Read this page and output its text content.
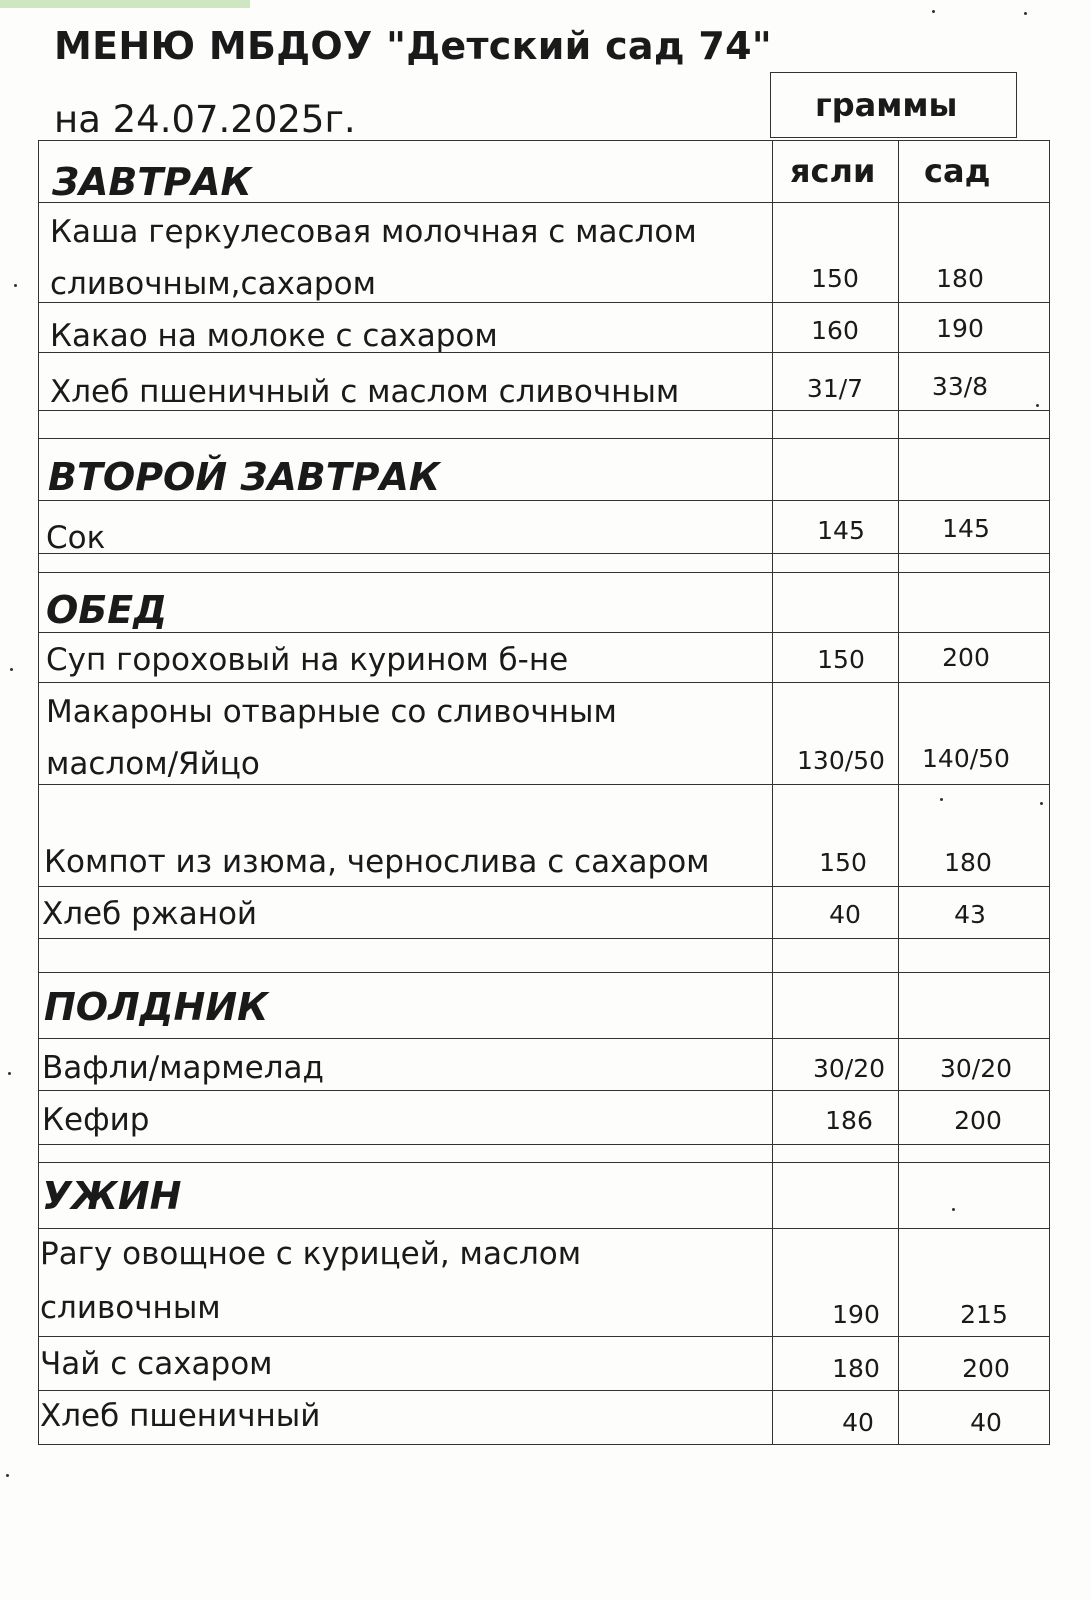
МЕНЮ МБДОУ "Детский сад 74"
на 24.07.2025г.	граммы
ясли сад
ЗАВТРАК
Каша геркулесовая молочная с маслом
сливочным,сахаром	150	180
Какао на молоке с сахаром	160	190
Хлеб пшеничный с маслом сливочным	31/7	33/8
ВТОРОЙ ЗАВТРАК
Сок	145	145
ОБЕД
Суп гороховый на курином б-не	150	200
Макароны отварные со сливочным
маслом/Яйцо	130/50	140/50
Компот из изюма, чернослива с сахаром	150	180
Хлеб ржаной	40	43
ПОЛДНИК
Вафли/мармелад	30/20	30/20
Кефир	186	200
УЖИН
Рагу овощное с курицей, маслом
сливочным	190	215
Чай с сахаром	180	200
Хлеб пшеничный	40	40
